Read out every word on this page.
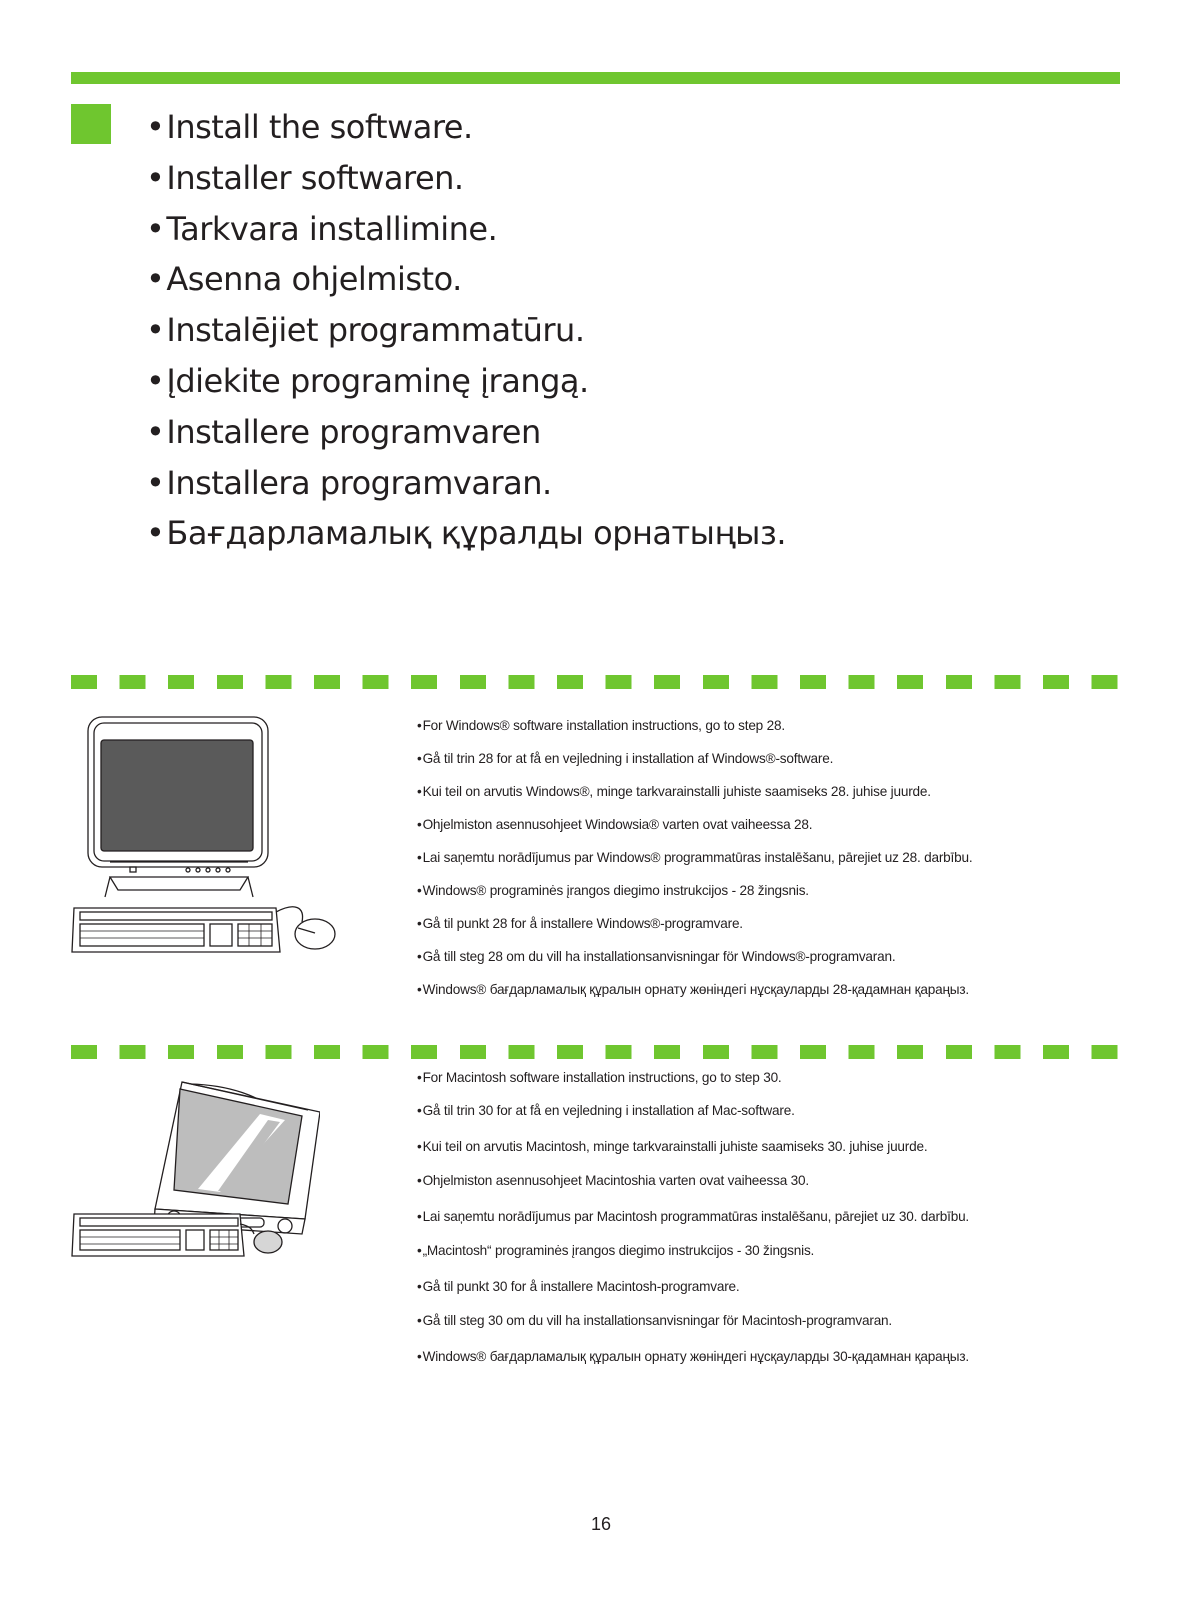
• Install the software.
• Installer softwaren.
• Tarkvara installimine.
• Asenna ohjelmisto.
• Instalējiet programmatūru.
• Įdiekite programinę įrangą.
• Installere programvaren
• Installera programvaran.
• Бағдарламалық құралды орнатыңыз.
• For Windows® software installation instructions, go to step 28.
• Gå til trin 28 for at få en vejledning i installation af Windows®-software.
• Kui teil on arvutis Windows®, minge tarkvarainstalli juhiste saamiseks 28. juhise juurde.
• Ohjelmiston asennusohjeet Windowsia® varten ovat vaiheessa 28.
• Lai saņemtu norādījumus par Windows® programmatūras instalēšanu, pārejiet uz 28. darbību.
• Windows® programinės įrangos diegimo instrukcijos - 28 žingsnis.
• Gå til punkt 28 for å installere Windows®-programvare.
• Gå till steg 28 om du vill ha installationsanvisningar för Windows®-programvaran.
• Windows® бағдарламалық құралын орнату жөніндегі нұсқауларды 28-қадамнан қараңыз.
• For Macintosh software installation instructions, go to step 30.
• Gå til trin 30 for at få en vejledning i installation af Mac-software.
• Kui teil on arvutis Macintosh, minge tarkvarainstalli juhiste saamiseks 30. juhise juurde.
• Ohjelmiston asennusohjeet Macintoshia varten ovat vaiheessa 30.
• Lai saņemtu norādījumus par Macintosh programmatūras instalēšanu, pārejiet uz 30. darbību.
• „Macintosh“ programinės įrangos diegimo instrukcijos - 30 žingsnis.
• Gå til punkt 30 for å installere Macintosh-programvare.
• Gå till steg 30 om du vill ha installationsanvisningar för Macintosh-programvaran.
• Windows® бағдарламалық құралын орнату жөніндегі нұсқауларды 30-қадамнан қараңыз.
16
